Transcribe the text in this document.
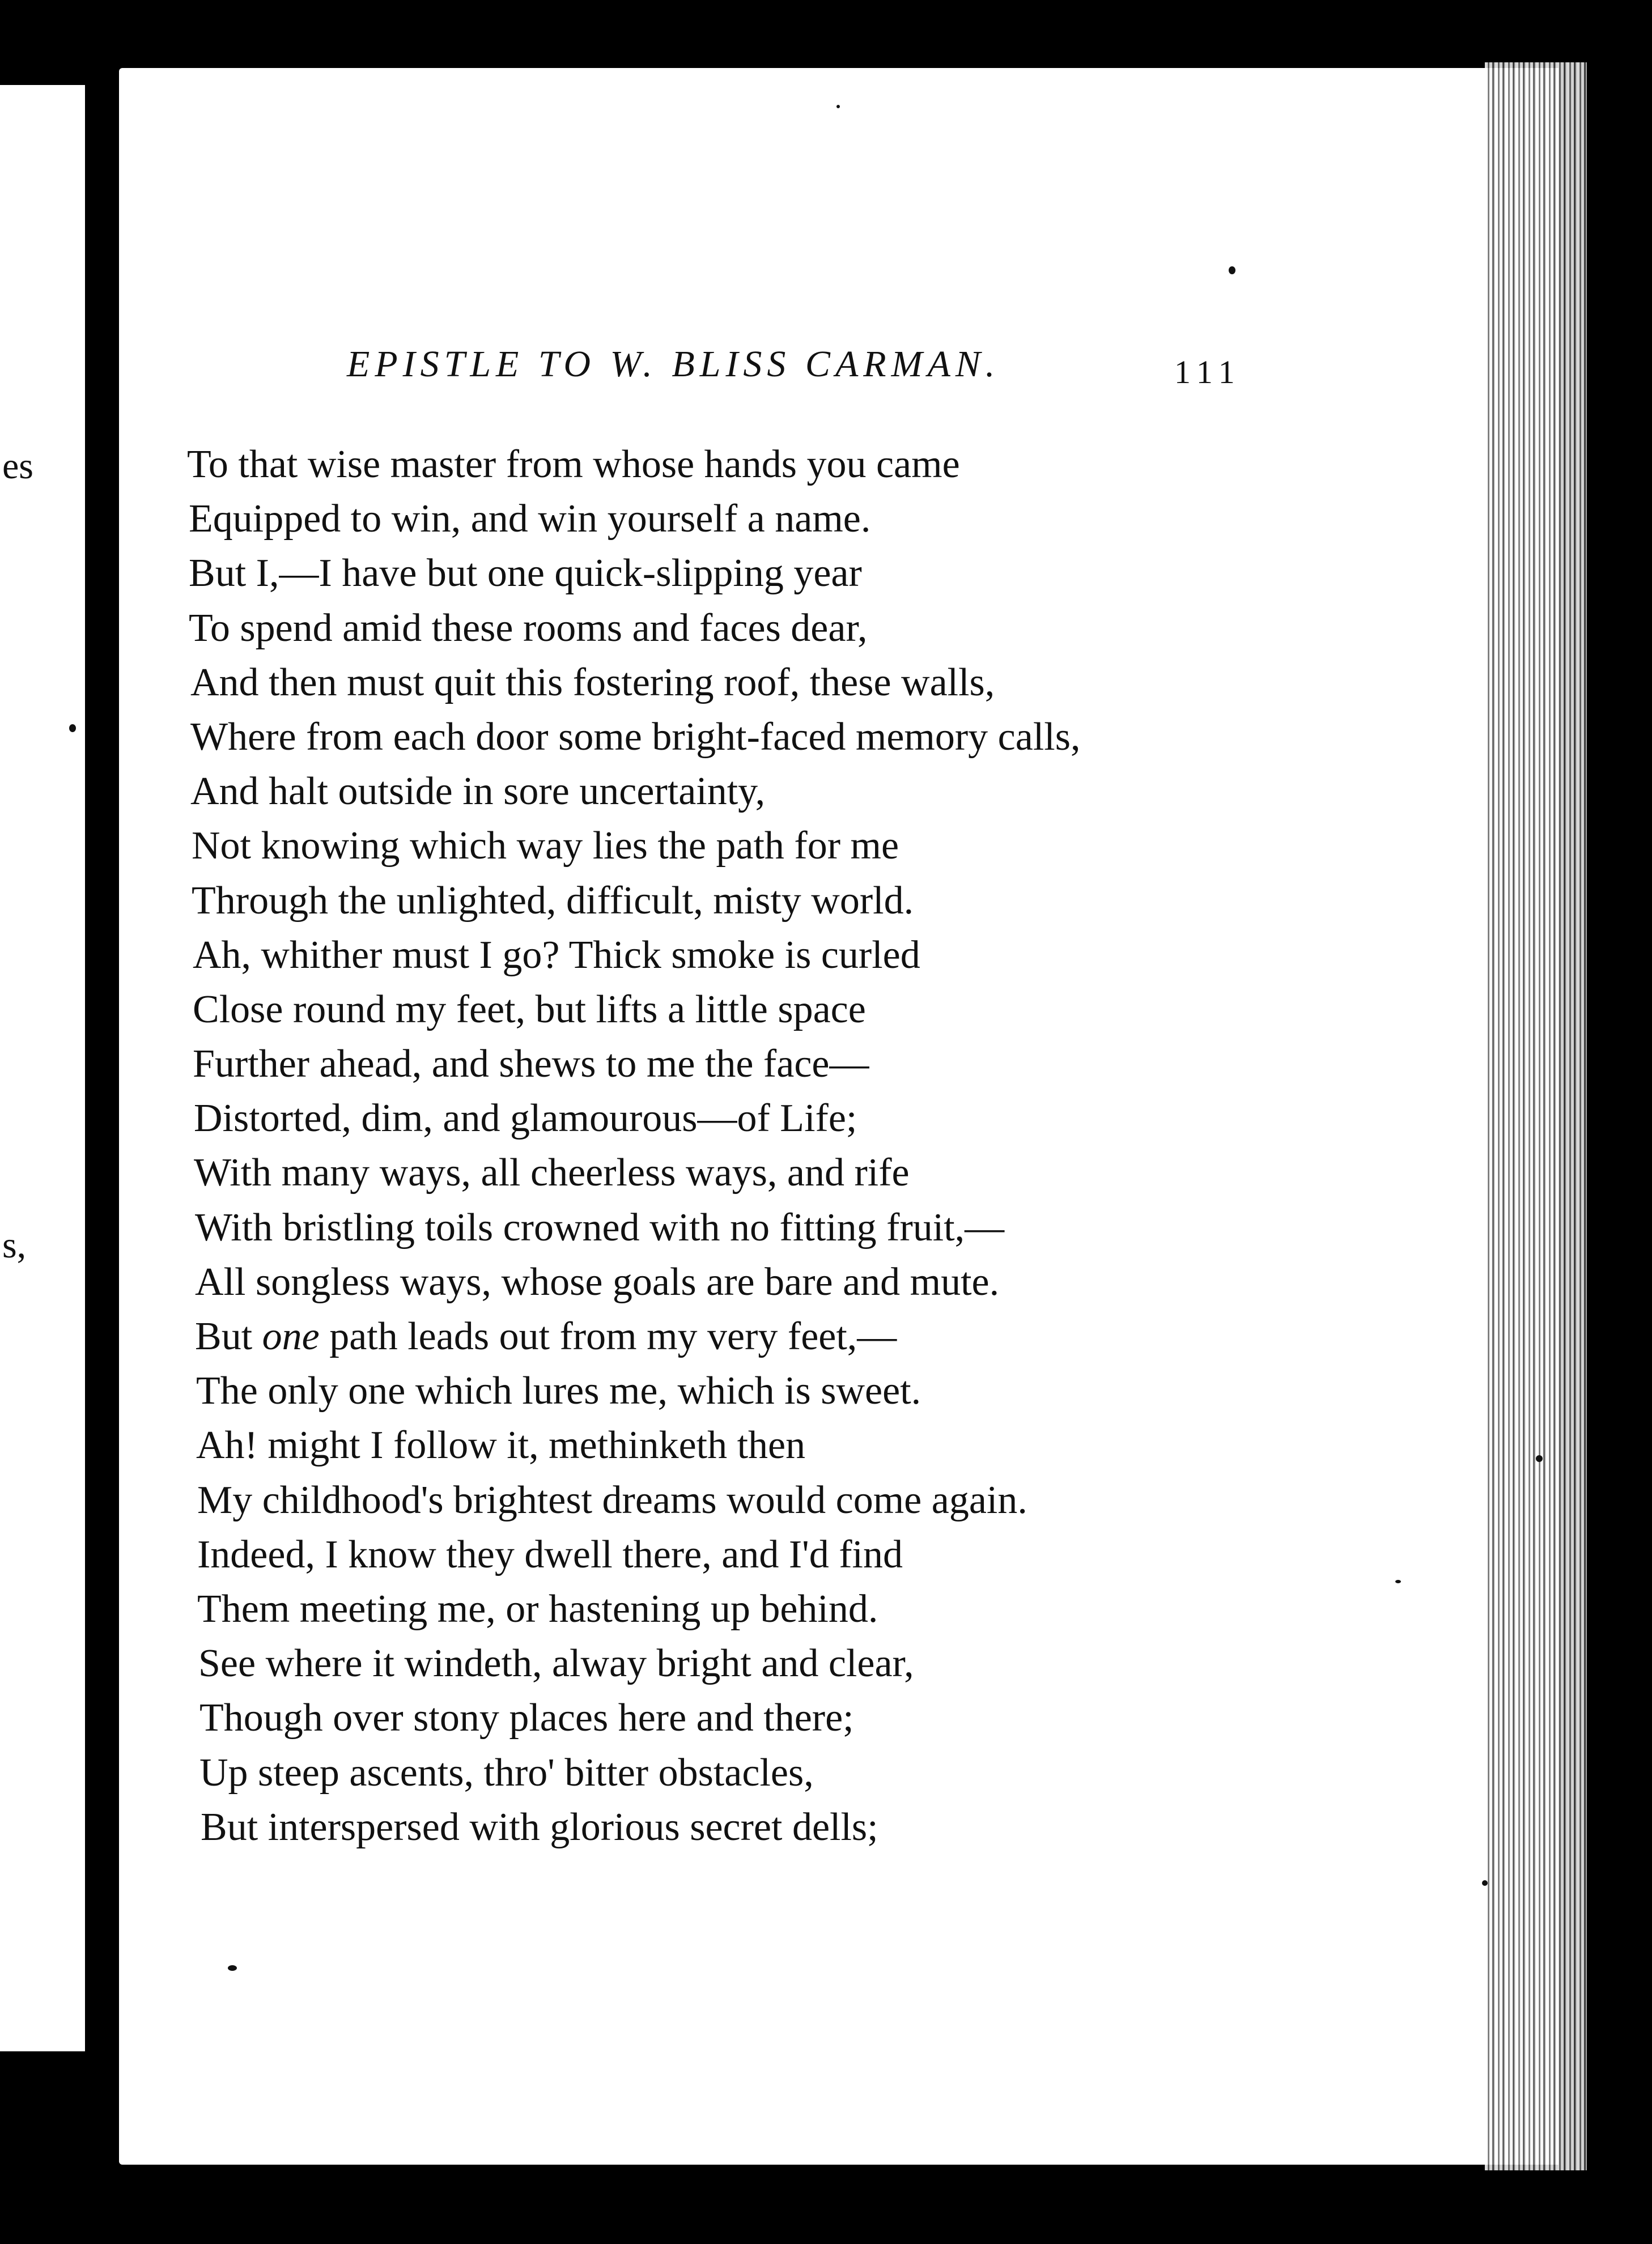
es
s,
EPISTLE TO W. BLISS CARMAN.	111
To that wise master from whose hands you came
Equipped to win, and win yourself a name.
But I,—I have but one quick-slipping year
To spend amid these rooms and faces dear,
And then must quit this fostering roof, these walls,
Where from each door some bright-faced memory calls,
And halt outside in sore uncertainty,
Not knowing which way lies the path for me
Through the unlighted, difficult, misty world.
Ah, whither must I go? Thick smoke is curled
Close round my feet, but lifts a little space
Further ahead, and shews to me the face—
Distorted, dim, and glamourous—of Life;
With many ways, all cheerless ways, and rife
With bristling toils crowned with no fitting fruit,—
All songless ways, whose goals are bare and mute.
But one path leads out from my very feet,—
The only one which lures me, which is sweet.
Ah! might I follow it, methinketh then
My childhood's brightest dreams would come again.
Indeed, I know they dwell there, and I'd find
Them meeting me, or hastening up behind.
See where it windeth, alway bright and clear,
Though over stony places here and there;
Up steep ascents, thro' bitter obstacles,
But interspersed with glorious secret dells;
